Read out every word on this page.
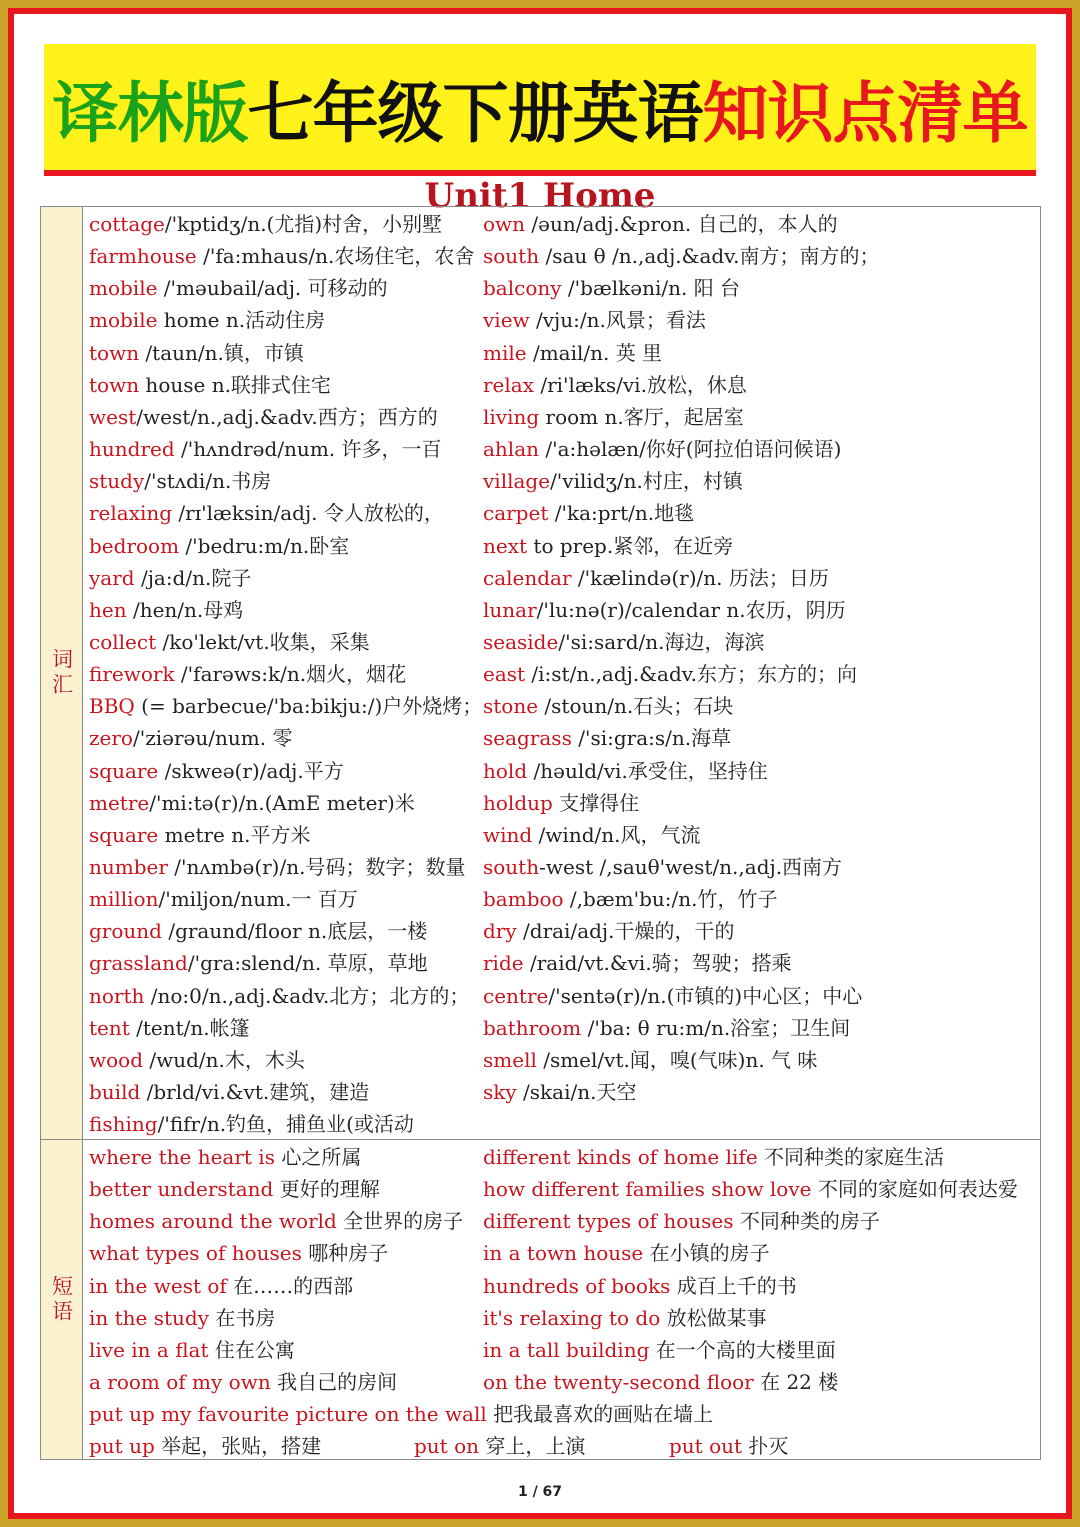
译林版 七年级下册英语 知识点清单
Unit1 Home
词汇
cottage/'kptidʒ/n.(尤指)村舍，小别墅
farmhouse /'fa:mhaus/n.农场住宅，农舍
mobile /'məubail/adj. 可移动的
mobile home n.活动住房
town /taun/n.镇，市镇
town house n.联排式住宅
west/west/n.,adj.&adv.西方；西方的
hundred /'hʌndrəd/num. 许多，一百
study/'stʌdi/n.书房
relaxing /rɪ'læksin/adj. 令人放松的，
bedroom /'bedru:m/n.卧室
yard /ja:d/n.院子
hen /hen/n.母鸡
collect /ko'lekt/vt.收集，采集
firework /'farəws:k/n.烟火，烟花
BBQ (= barbecue/'ba:bikju:/)户外烧烤；
zero/'ziərəu/num. 零
square /skweə(r)/adj.平方
metre/'mi:tə(r)/n.(AmE meter)米
square metre n.平方米
number /'nʌmbə(r)/n.号码；数字；数量
million/'miljon/num.一 百万
ground /graund/floor n.底层，一楼
grassland/'gra:slend/n. 草原，草地
north /no:0/n.,adj.&adv.北方；北方的；
tent /tent/n.帐篷
wood /wud/n.木，木头
build /brld/vi.&vt.建筑，建造
fishing/'fifr/n.钓鱼，捕鱼业(或活动
own /əun/adj.&pron. 自己的，本人的
south /sau θ /n.,adj.&adv.南方；南方的；
balcony /'bælkəni/n. 阳 台
view /vju:/n.风景；看法
mile /mail/n. 英 里
relax /ri'læks/vi.放松，休息
living room n.客厅，起居室
ahlan /'a:həlæn/你好(阿拉伯语问候语)
village/'vilidʒ/n.村庄，村镇
carpet /'ka:prt/n.地毯
next to prep.紧邻，在近旁
calendar /'kælində(r)/n. 历法；日历
lunar/'lu:nə(r)/calendar n.农历，阴历
seaside/'si:sard/n.海边，海滨
east /i:st/n.,adj.&adv.东方；东方的；向
stone /stoun/n.石头；石块
seagrass /'si:gra:s/n.海草
hold /həuld/vi.承受住，坚持住
holdup 支撑得住
wind /wind/n.风，气流
south-west /,sauθ'west/n.,adj.西南方
bamboo /,bæm'bu:/n.竹，竹子
dry /drai/adj.干燥的，干的
ride /raid/vt.&vi.骑；驾驶；搭乘
centre/'sentə(r)/n.(市镇的)中心区；中心
bathroom /'ba: θ ru:m/n.浴室；卫生间
smell /smel/vt.闻，嗅(气味)n. 气 味
sky /skai/n.天空
短语
where the heart is 心之所属
better understand 更好的理解
homes around the world 全世界的房子
what types of houses 哪种房子
in the west of 在……的西部
in the study 在书房
live in a flat 住在公寓
a room of my own 我自己的房间
put up my favourite picture on the wall 把我最喜欢的画贴在墙上
different kinds of home life 不同种类的家庭生活
how different families show love 不同的家庭如何表达爱
different types of houses 不同种类的房子
in a town house 在小镇的房子
hundreds of books 成百上千的书
it's relaxing to do 放松做某事
in a tall building 在一个高的大楼里面
on the twenty-second floor 在 22 楼
put up 举起，张贴，搭建	put on 穿上，上演	put out 扑灭
1 / 67
